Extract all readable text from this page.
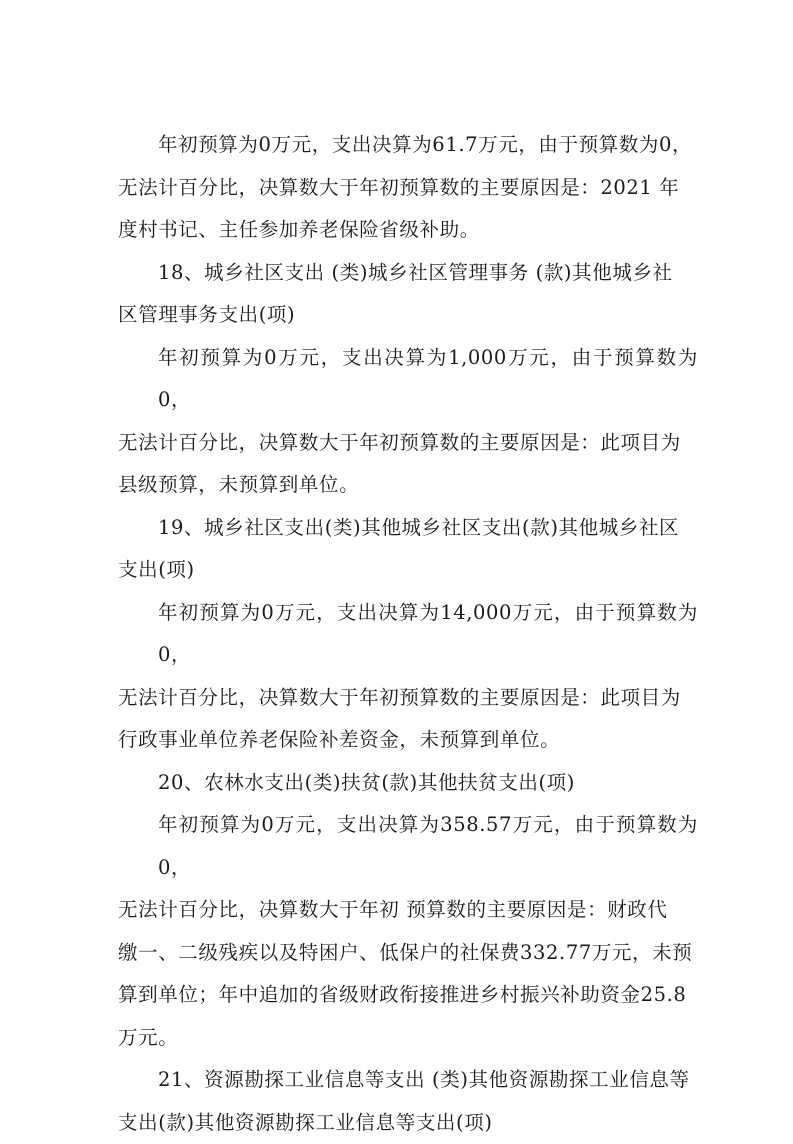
年初预算为0万元，支出决算为61.7万元，由于预算数为0，
无法计百分比，决算数大于年初预算数的主要原因是：2021 年
度村书记、主任参加养老保险省级补助。

18、城乡社区支出 (类)城乡社区管理事务 (款)其他城乡社
区管理事务支出(项)

年初预算为0万元，支出决算为1,000万元，由于预算数为0，
无法计百分比，决算数大于年初预算数的主要原因是：此项目为
县级预算，未预算到单位。

19、城乡社区支出(类)其他城乡社区支出(款)其他城乡社区
支出(项)

年初预算为0万元，支出决算为14,000万元，由于预算数为0，
无法计百分比，决算数大于年初预算数的主要原因是：此项目为
行政事业单位养老保险补差资金，未预算到单位。

20、农林水支出(类)扶贫(款)其他扶贫支出(项)

年初预算为0万元，支出决算为358.57万元，由于预算数为0，
无法计百分比，决算数大于年初 预算数的主要原因是：财政代
缴一、二级残疾以及特困户、低保户的社保费332.77万元，未预
算到单位；年中追加的省级财政衔接推进乡村振兴补助资金25.8
万元。

21、资源勘探工业信息等支出 (类)其他资源勘探工业信息等
支出(款)其他资源勘探工业信息等支出(项)
